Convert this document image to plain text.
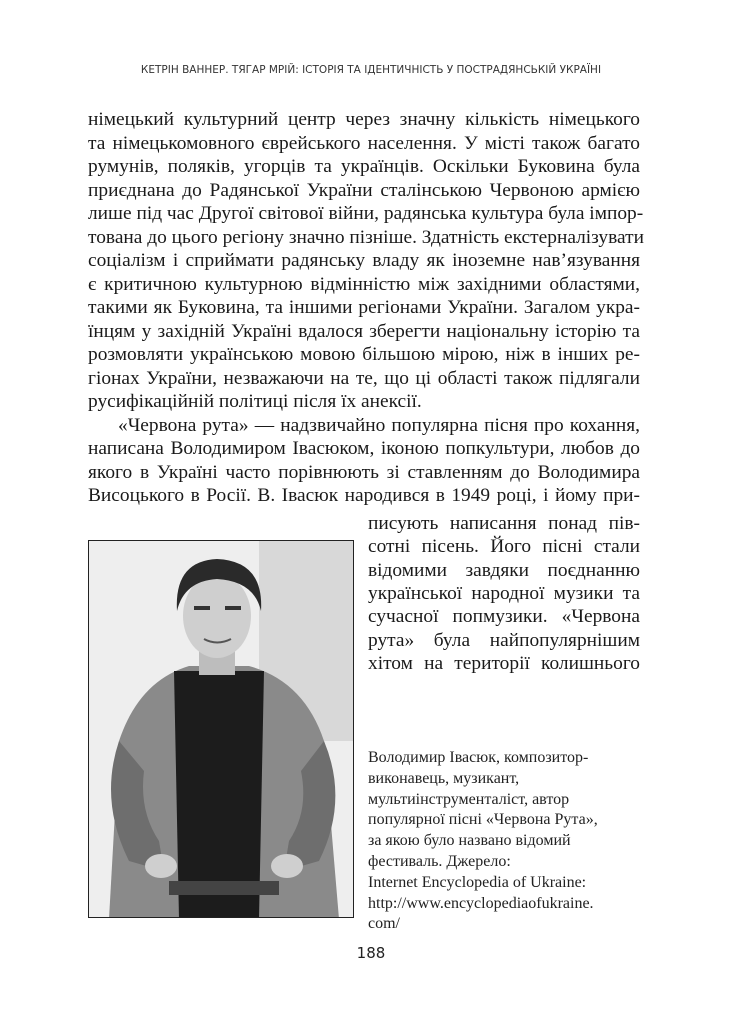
КЕТРІН ВАННЕР. ТЯГАР МРІЙ: ІСТОРІЯ ТА ІДЕНТИЧНІСТЬ У ПОСТРАДЯНСЬКІЙ УКРАЇНІ
німецький культурний центр через значну кількість німецького
та німецькомовного єврейського населення. У місті також багато
румунів, поляків, угорців та українців. Оскільки Буковина була
приєднана до Радянської України сталінською Червоною армією
лише під час Другої світової війни, радянська культура була імпор-
тована до цього регіону значно пізніше. Здатність екстерналізувати
соціалізм і сприймати радянську владу як іноземне нав’язування
є критичною культурною відмінністю між західними областями,
такими як Буковина, та іншими регіонами України. Загалом укра-
їнцям у західній Україні вдалося зберегти національну історію та
розмовляти українською мовою більшою мірою, ніж в інших ре-
гіонах України, незважаючи на те, що ці області також підлягали
русифікаційній політиці після їх анексії.
«Червона рута» — надзвичайно популярна пісня про кохання,
написана Володимиром Івасюком, іконою попкультури, любов до
якого в Україні часто порівнюють зі ставленням до Володимира
Висоцького в Росії. В. Івасюк народився в 1949 році, і йому при-
писують написання понад пів-
сотні пісень. Його пісні стали
відомими завдяки поєднанню
української народної музики та
сучасної попмузики. «Червона
рута» була найпопулярнішим
хітом на території колишнього
Володимир Івасюк, композитор-
виконавець, музикант,
мультиінструменталіст, автор
популярної пісні «Червона Рута»,
за якою було названо відомий
фестиваль. Джерело:
Internet Encyclopedia of Ukraine:
http://www.encyclopediaofukraine.
com/
188
